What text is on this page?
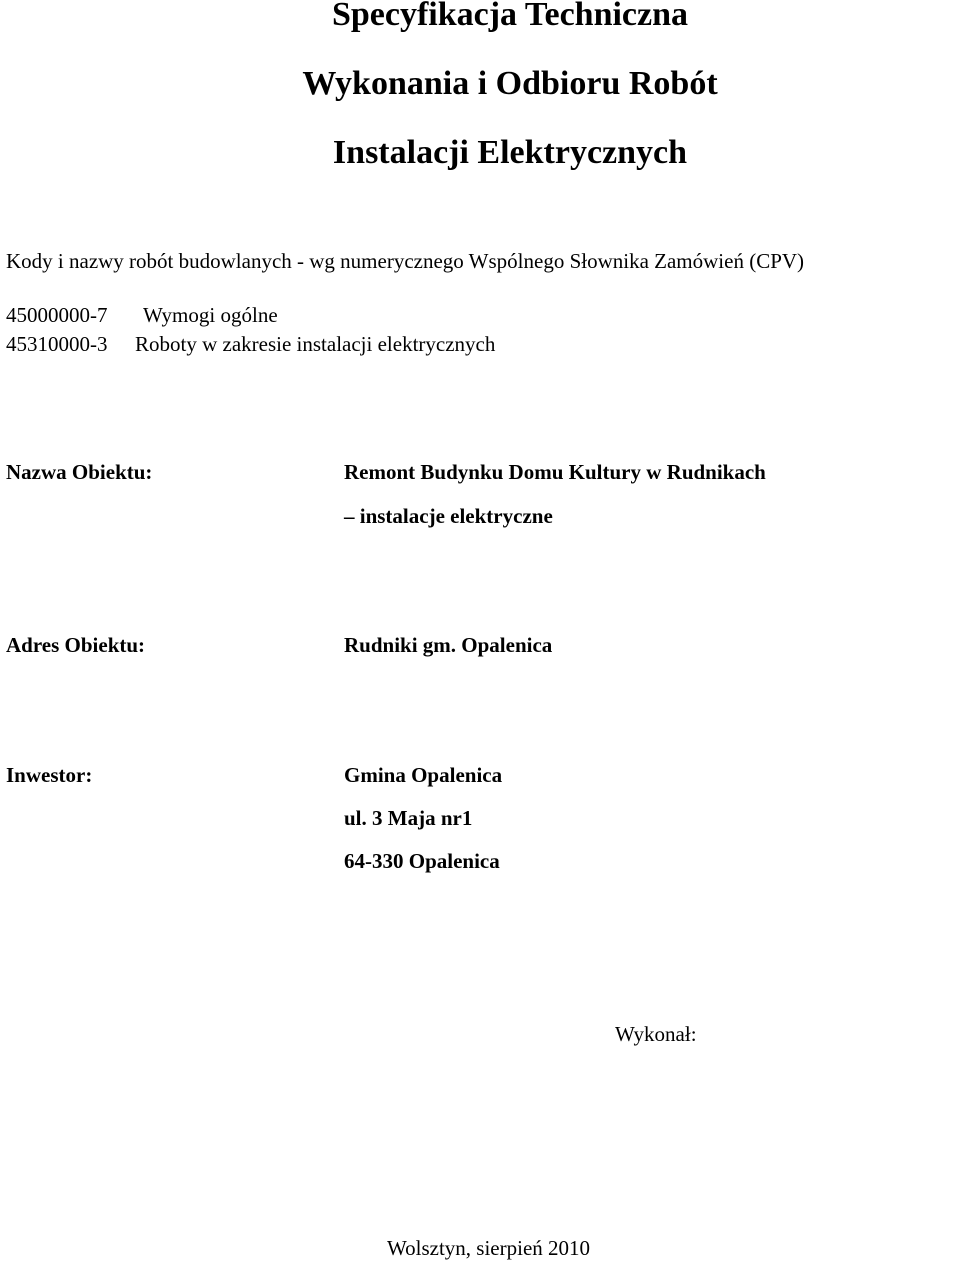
Specyfikacja Techniczna
Wykonania i Odbioru Robót
Instalacji Elektrycznych
Kody i nazwy robót budowlanych - wg numerycznego Wspólnego Słownika Zamówień (CPV)
45000000-7 Wymogi ogólne
45310000-3 Roboty w zakresie instalacji elektrycznych
Nazwa Obiektu:	Remont Budynku Domu Kultury w Rudnikach
– instalacje elektryczne
Adres Obiektu:	Rudniki gm. Opalenica
Inwestor:	Gmina Opalenica
ul. 3 Maja nr1
64-330 Opalenica
Wykonał:
Wolsztyn, sierpień 2010
